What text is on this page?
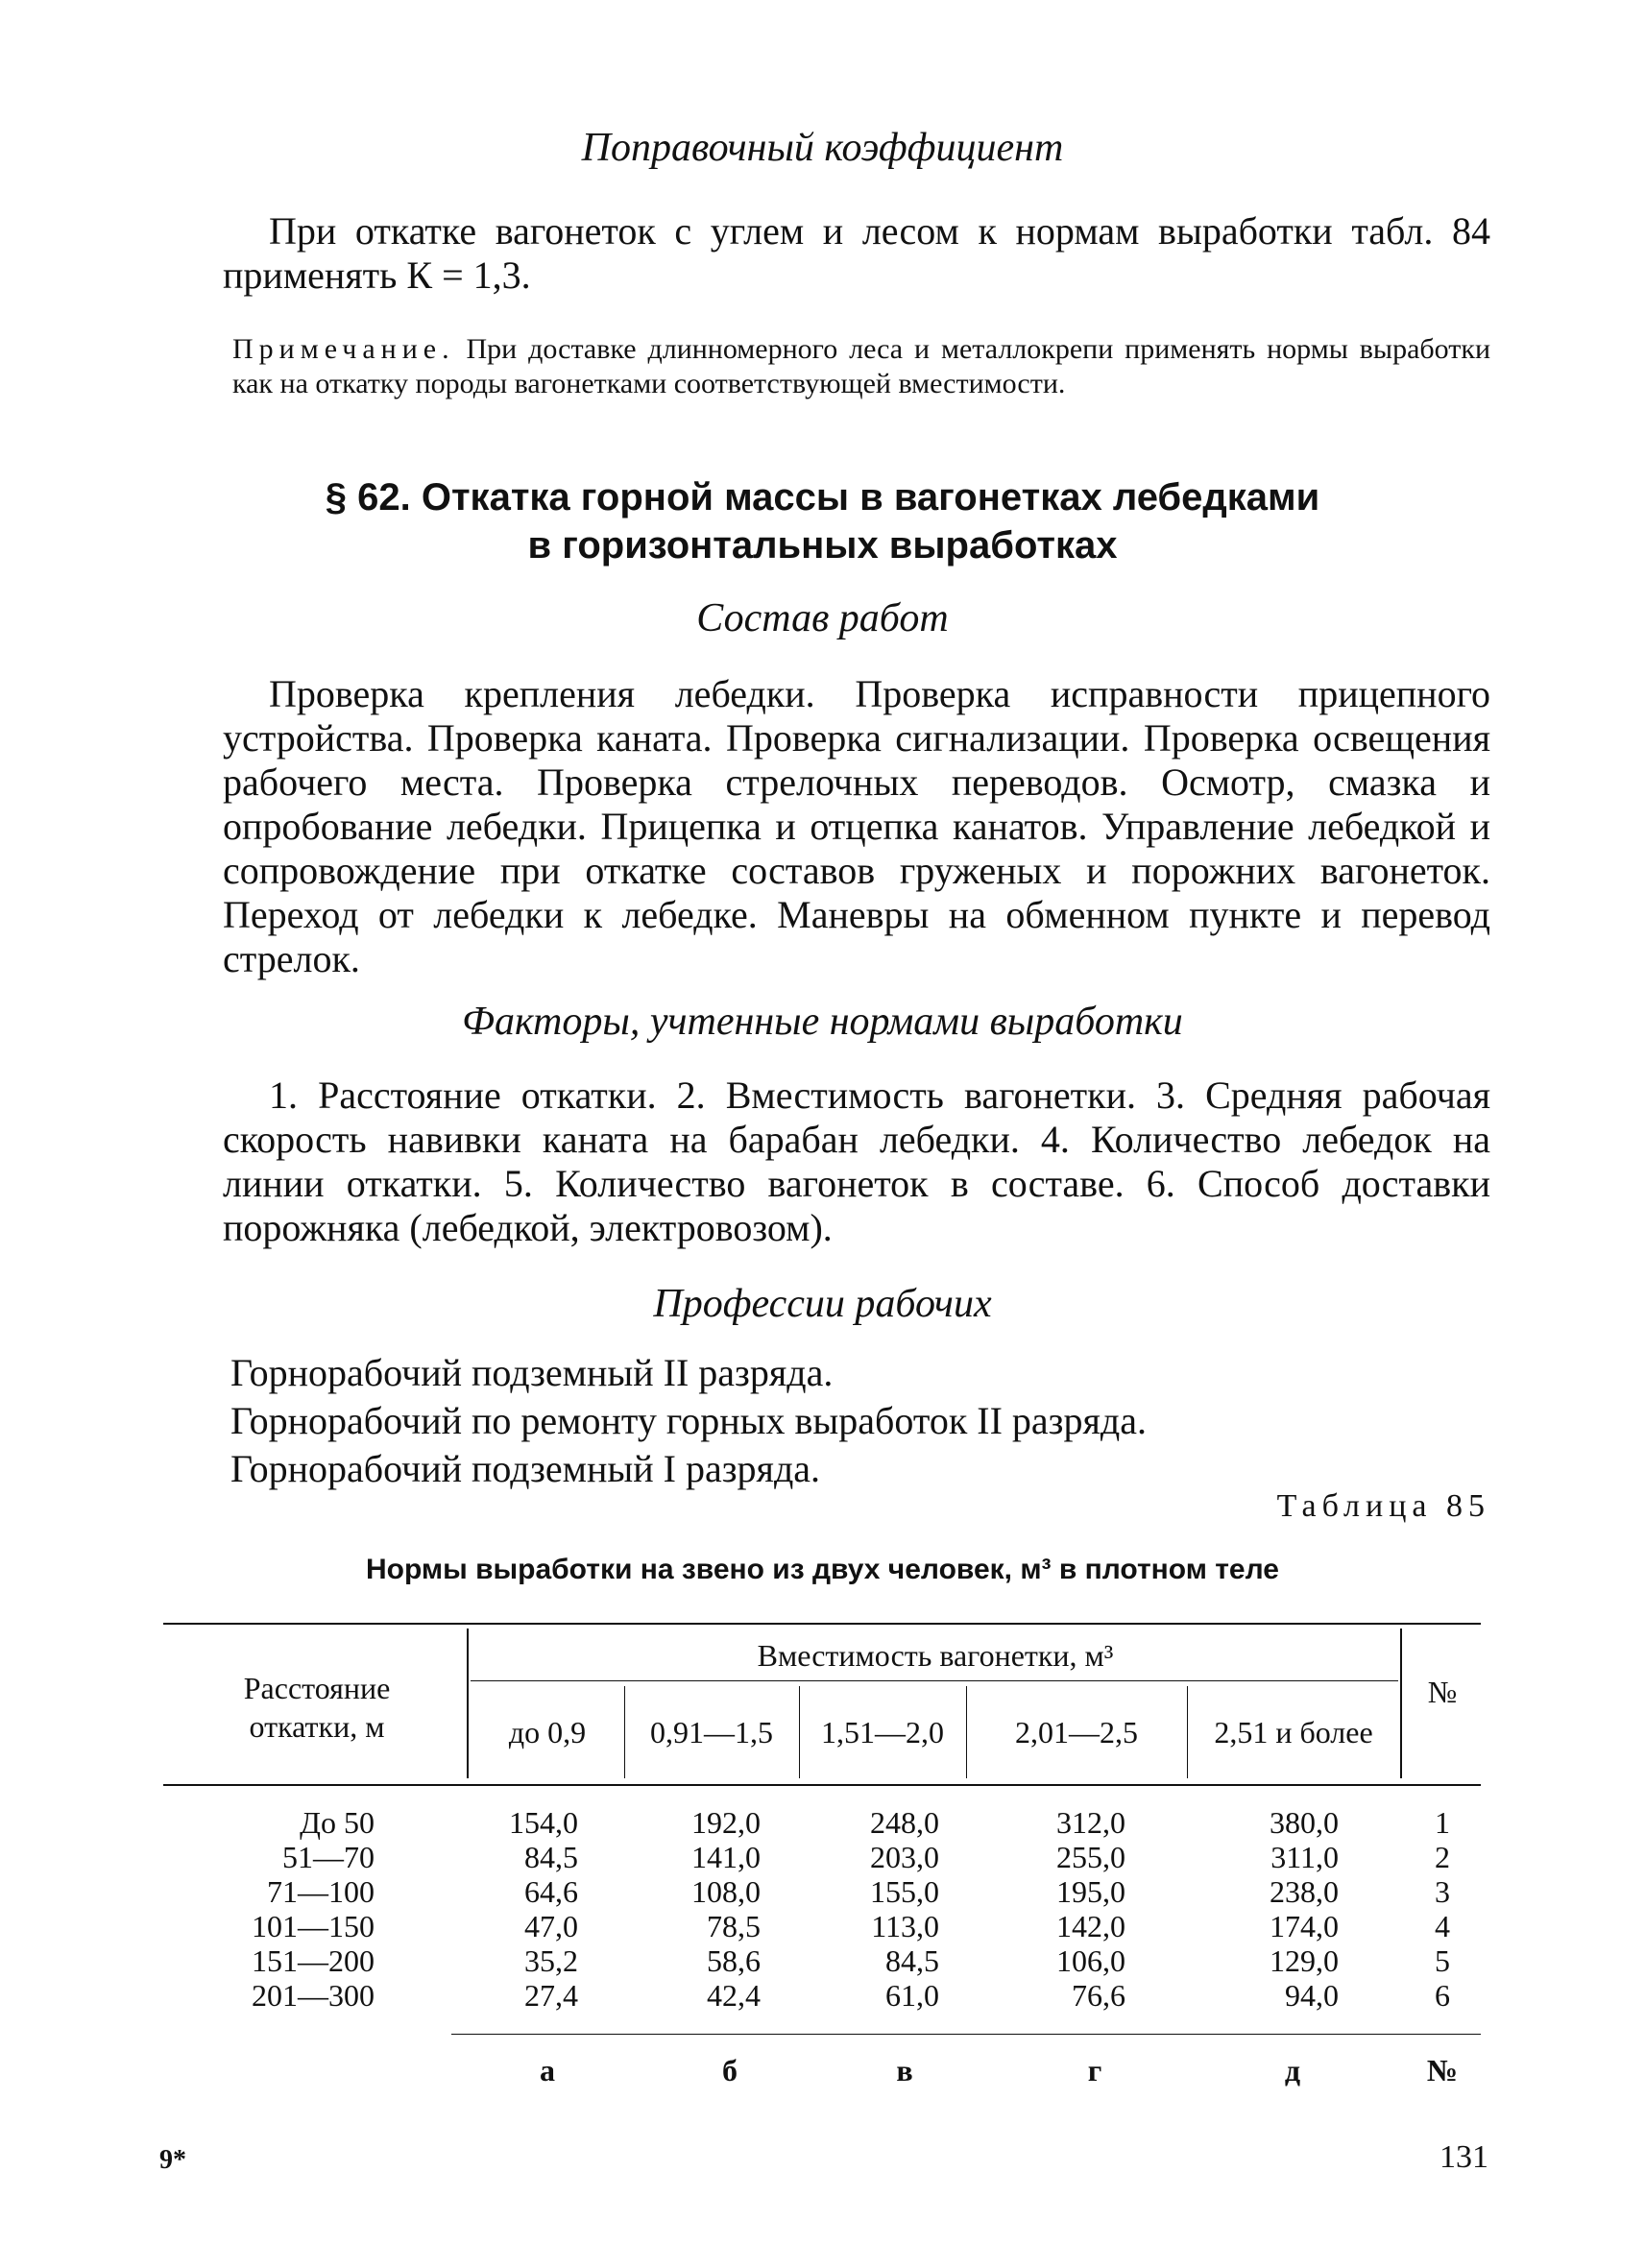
Поправочный коэффициент
При откатке вагонеток с углем и лесом к нормам выработки табл. 84 применять К = 1,3.
Примечание. При доставке длинномерного леса и металлокрепи применять нормы выработки как на откатку породы вагонетками соответствующей вместимости.
§ 62. Откатка горной массы в вагонетках лебедками
в горизонтальных выработках
Состав работ
Проверка крепления лебедки. Проверка исправности прицепного устройства. Проверка каната. Проверка сигнализации. Проверка освещения рабочего места. Проверка стрелочных переводов. Осмотр, смазка и опробование лебедки. Прицепка и отцепка канатов. Управление лебедкой и сопровождение при откатке составов груженых и порожних вагонеток. Переход от лебедки к лебедке. Маневры на обменном пункте и перевод стрелок.
Факторы, учтенные нормами выработки
1. Расстояние откатки. 2. Вместимость вагонетки. 3. Средняя рабочая скорость навивки каната на барабан лебедки. 4. Количество лебедок на линии откатки. 5. Количество вагонеток в составе. 6. Способ доставки порожняка (лебедкой, электровозом).
Профессии рабочих
Горнорабочий подземный II разряда.
Горнорабочий по ремонту горных выработок II разряда.
Горнорабочий подземный I разряда.
Таблица 85
Нормы выработки на звено из двух человек, м³ в плотном теле
Расстояние откатки, м
Вместимость вагонетки, м³
№
до 0,9	0,91—1,5	1,51—2,0	2,01—2,5	2,51 и более
До 50	154,0	192,0	248,0	312,0	380,0	1
51—70	84,5	141,0	203,0	255,0	311,0	2
71—100	64,6	108,0	155,0	195,0	238,0	3
101—150	47,0	78,5	113,0	142,0	174,0	4
151—200	35,2	58,6	84,5	106,0	129,0	5
201—300	27,4	42,4	61,0	76,6	94,0	6
а	б	в	г	д	№
9*	131
